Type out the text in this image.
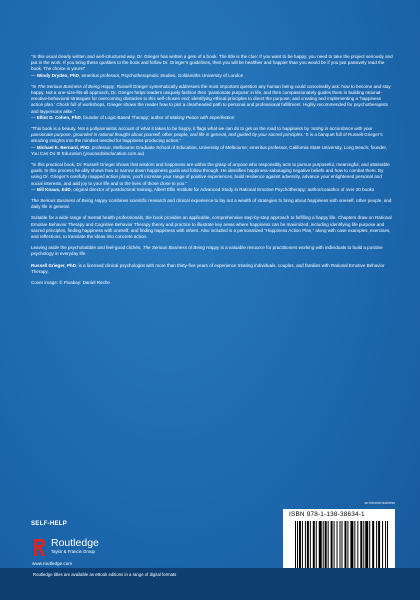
“In this usual clearly written and well-structured way, Dr. Grieger has written a gem of a book. The title is the clue: If you want to be happy, you need to take the project seriously and put in the work. If you bring these qualities to the book and follow Dr. Grieger’s guidelines, then you will be healthier and happier than you would be if you just passively read the book. The choice is yours!”

— Windy Dryden, PhD, emeritus professor, Psychotherapeutic Studies, Goldsmiths University of London

“In The Serious Business of Being Happy, Russell Grieger systematically addresses the most important question any human being could conceivably ask: how to become and stay happy. Not a one-size-fits-all approach, Dr. Grieger helps readers uniquely fashion their ‘passionate purpose’ in life, and then compassionately guides them in building rational-emotive-behavioral strategies for overcoming obstacles to this self-chosen end; identifying ethical principles to direct the purpose; and creating and implementing a ‘happiness action plan.’ Chock full of workshops, Grieger shows the reader how to plot a clearheaded path to personal and professional fulfillment. Highly recommended for psychotherapists and laypersons alike.”

— Elliot D. Cohen, PhD, founder of Logic-Based Therapy; author of Making Peace with Imperfection

“This book is a beauty. Not a pollyannaistic account of what it takes to be happy, it flags what we can do to get on the road to happiness by ‘acting in accordance with your passionate purpose, grounded in rational thought about yourself, other people, and life in general, and guided by your sacred principles.’ It is a banquet full of Russell Grieger’s amazing insights into the mindset needed for happiness-producing action.”

— Michael E. Bernard, PhD, professor, Melbourne Graduate School of Education, University of Melbourne; emeritus professor, California State University, Long Beach; founder, You Can Do It! Education (youcandoiteducation.com.au)

“In this practical book, Dr. Russell Grieger shows that wisdom and happiness are within the grasp of anyone who responsibly acts to pursue purposeful, meaningful, and attainable goals. In this process he ably shows how to narrow down happiness goals and follow through. He identifies happiness-sabotaging negative beliefs and how to combat them. By using Dr. Grieger’s carefully mapped action plans, you’ll increase your range of positive experiences, build resilience against adversity, advance your enlightened personal and social interests, and add joy to your life and to the lives of those close to you.”

— Bill Knaus, EdD, original director of postdoctoral training, Albert Ellis Institute for Advanced Study in Rational Emotive Psychotherapy; author/coauthor of over 20 books

The Serious Business of Being Happy combines scientific research and clinical experience to lay out a wealth of strategies to bring about happiness with oneself, other people, and daily life in general.

Suitable for a wide range of mental health professionals, the book provides an applicable, comprehensive step-by-step approach to fulfilling a happy life. Chapters draw on Rational Emotive Behavior Therapy and Cognitive Behavior Therapy theory and practice to illustrate key areas where happiness can be maximized, including identifying life purpose and sacred principles, finding happiness with oneself, and finding happiness with others. Also included is a personalized “Happiness Action Plan,” along with case examples, exercises, and reflections, to translate the ideas into concrete action.

Leaving aside the psychobabble and feel-good clichés, The Serious Business of Being Happy is a valuable resource for practitioners working with individuals to build a positive psychology in everyday life.

Russell Grieger, PhD, is a licensed clinical psychologist with more than thirty-five years of experience treating individuals, couples, and families with Rational Emotive Behavior Therapy.

Cover image: © Pixabay: Daniel Reche

SELF-HELP
Routledge
Taylor & Francis Group
www.routledge.com
an informa business
ISBN 978-1-138-38634-1
Routledge titles are available as eBook editions in a range of digital formats
